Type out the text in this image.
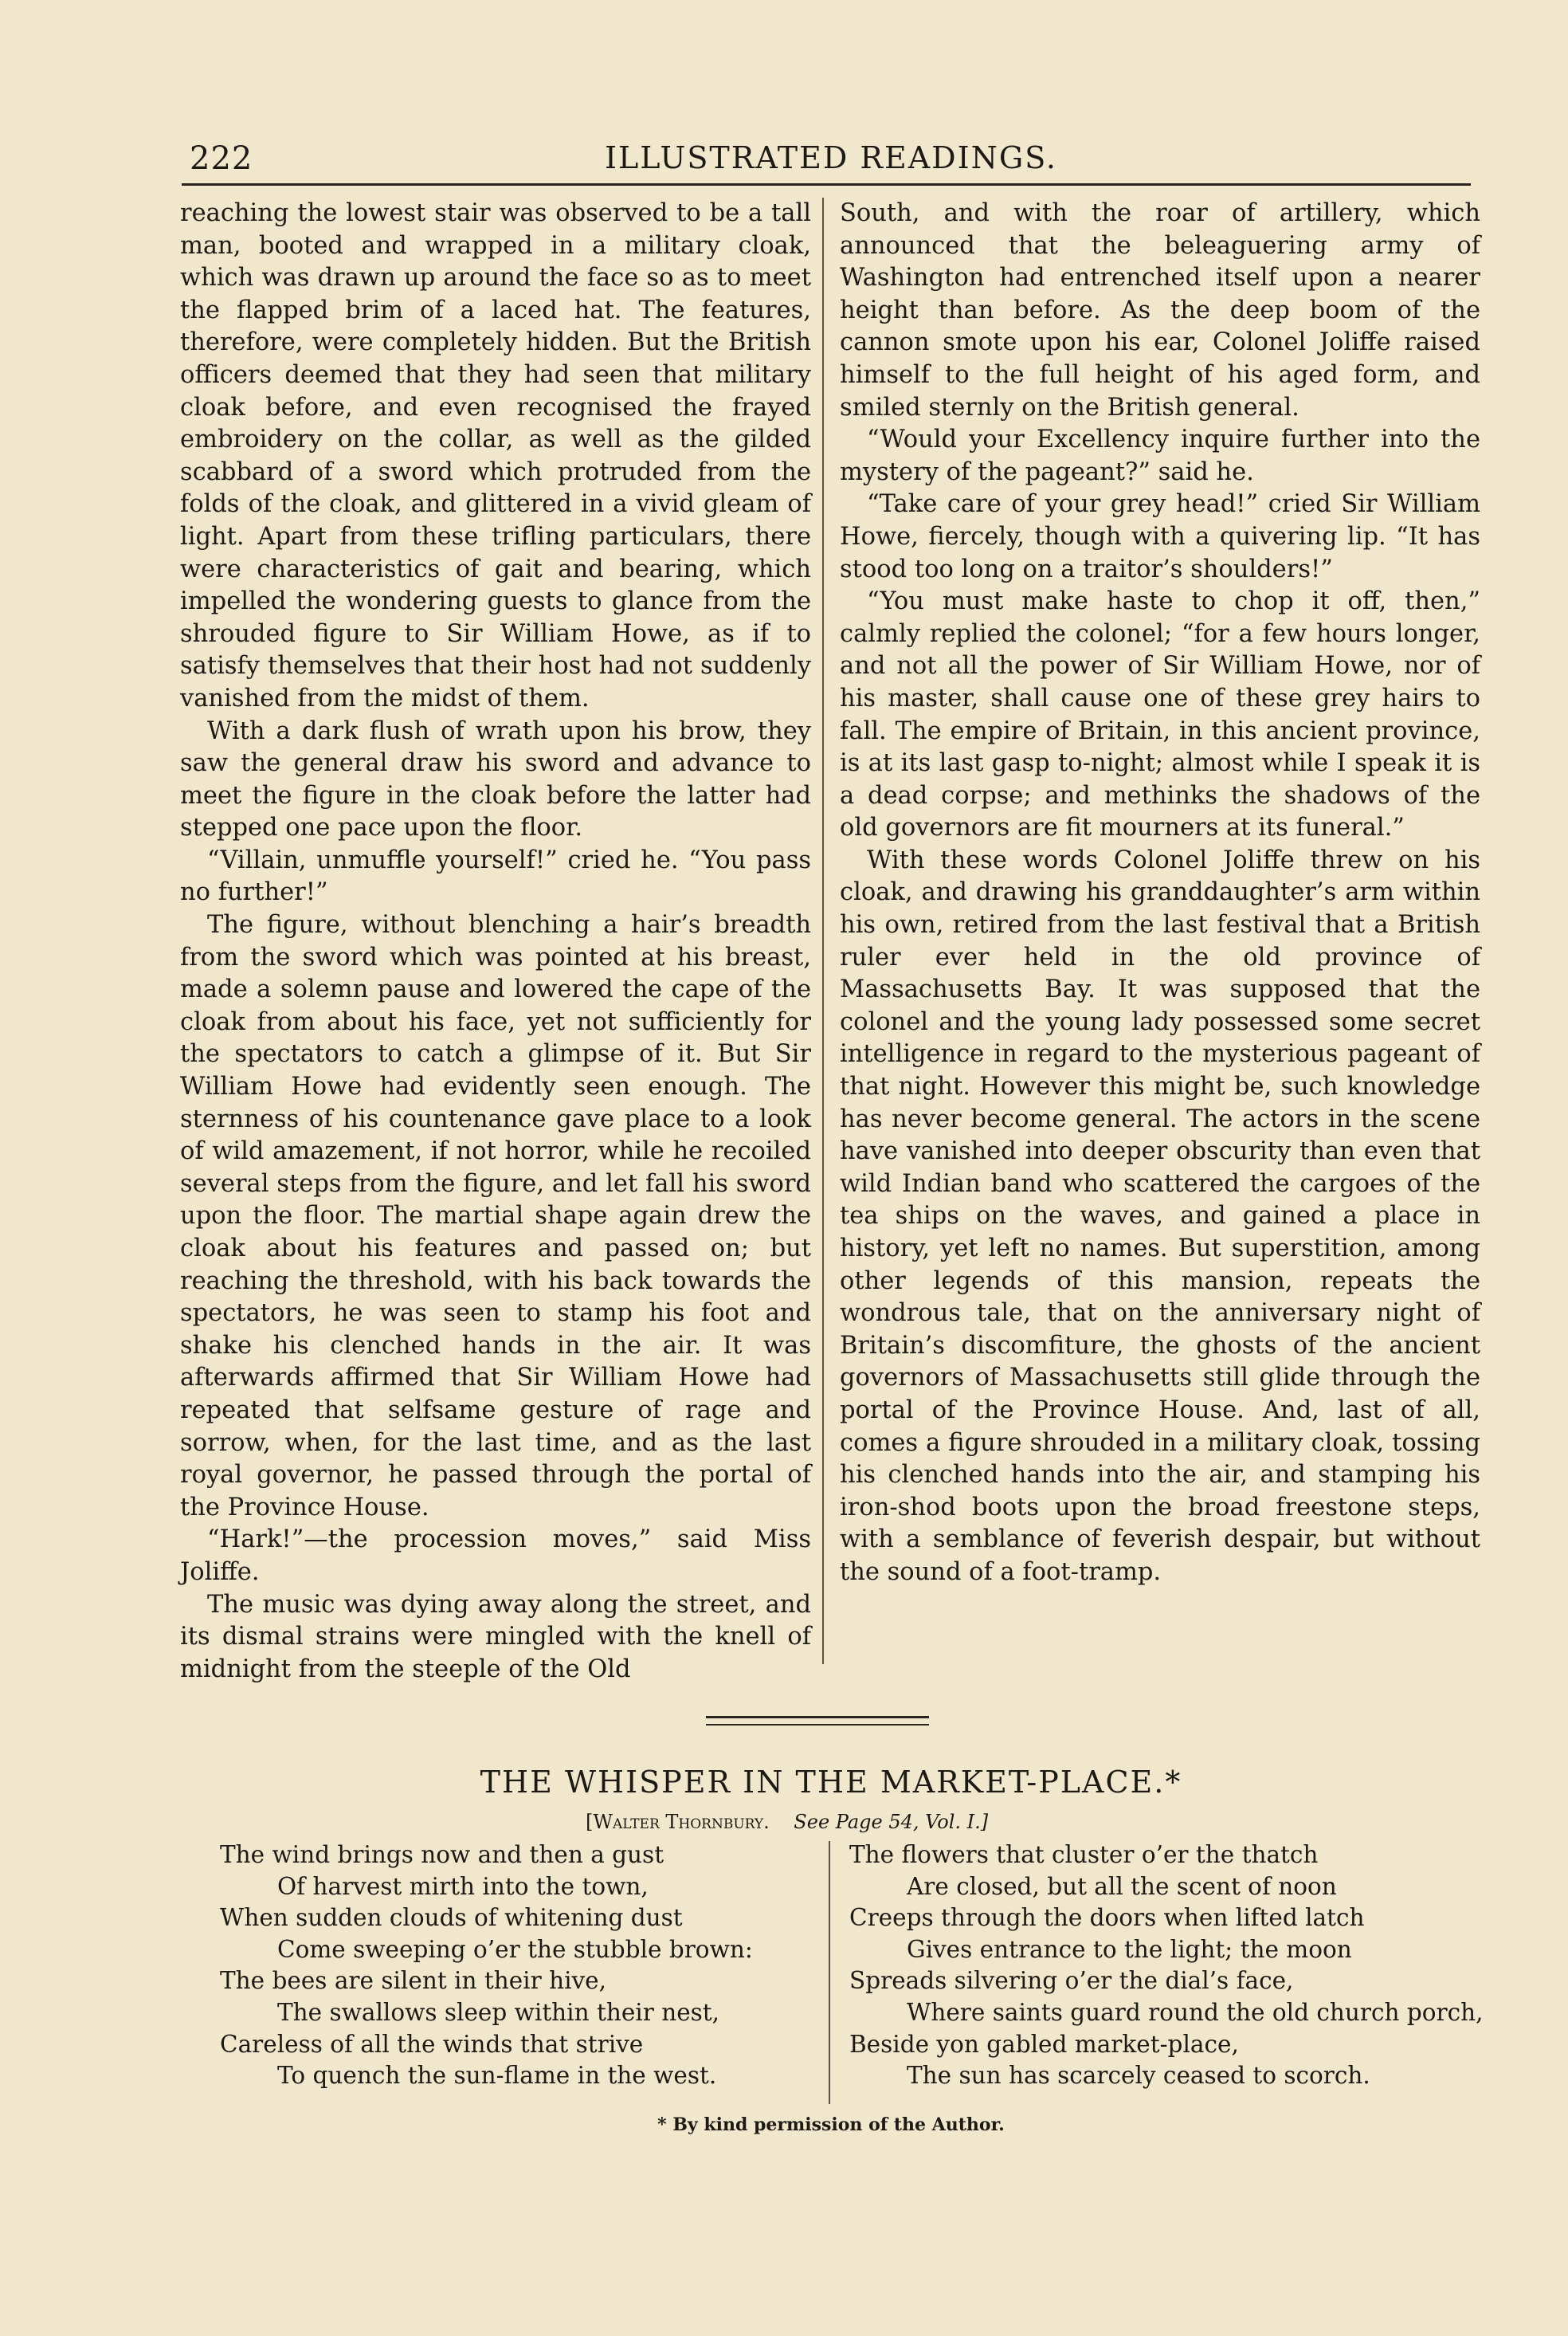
222	ILLUSTRATED READINGS.

reaching the lowest stair was observed to be a tall man, booted and wrapped in a military cloak, which was drawn up around the face so as to meet the flapped brim of a laced hat. The features, therefore, were completely hidden. But the British officers deemed that they had seen that military cloak before, and even recognised the frayed embroidery on the collar, as well as the gilded scabbard of a sword which protruded from the folds of the cloak, and glittered in a vivid gleam of light. Apart from these trifling particulars, there were characteristics of gait and bearing, which impelled the wondering guests to glance from the shrouded figure to Sir William Howe, as if to satisfy themselves that their host had not suddenly vanished from the midst of them.

With a dark flush of wrath upon his brow, they saw the general draw his sword and advance to meet the figure in the cloak before the latter had stepped one pace upon the floor.

“Villain, unmuffle yourself!” cried he. “You pass no further!”

The figure, without blenching a hair’s breadth from the sword which was pointed at his breast, made a solemn pause and lowered the cape of the cloak from about his face, yet not sufficiently for the spectators to catch a glimpse of it. But Sir William Howe had evidently seen enough. The sternness of his countenance gave place to a look of wild amazement, if not horror, while he recoiled several steps from the figure, and let fall his sword upon the floor. The martial shape again drew the cloak about his features and passed on; but reaching the threshold, with his back towards the spectators, he was seen to stamp his foot and shake his clenched hands in the air. It was afterwards affirmed that Sir William Howe had repeated that selfsame gesture of rage and sorrow, when, for the last time, and as the last royal governor, he passed through the portal of the Province House.

“Hark!”—the procession moves,” said Miss Joliffe.

The music was dying away along the street, and its dismal strains were mingled with the knell of midnight from the steeple of the Old

South, and with the roar of artillery, which announced that the beleaguering army of Washington had entrenched itself upon a nearer height than before. As the deep boom of the cannon smote upon his ear, Colonel Joliffe raised himself to the full height of his aged form, and smiled sternly on the British general.

“Would your Excellency inquire further into the mystery of the pageant?” said he.

“Take care of your grey head!” cried Sir William Howe, fiercely, though with a quivering lip. “It has stood too long on a traitor’s shoulders!”

“You must make haste to chop it off, then,” calmly replied the colonel; “for a few hours longer, and not all the power of Sir William Howe, nor of his master, shall cause one of these grey hairs to fall. The empire of Britain, in this ancient province, is at its last gasp to-night; almost while I speak it is a dead corpse; and methinks the shadows of the old governors are fit mourners at its funeral.”

With these words Colonel Joliffe threw on his cloak, and drawing his granddaughter’s arm within his own, retired from the last festival that a British ruler ever held in the old province of Massachusetts Bay. It was supposed that the colonel and the young lady possessed some secret intelligence in regard to the mysterious pageant of that night. However this might be, such knowledge has never become general. The actors in the scene have vanished into deeper obscurity than even that wild Indian band who scattered the cargoes of the tea ships on the waves, and gained a place in history, yet left no names. But superstition, among other legends of this mansion, repeats the wondrous tale, that on the anniversary night of Britain’s discomfiture, the ghosts of the ancient governors of Massachusetts still glide through the portal of the Province House. And, last of all, comes a figure shrouded in a military cloak, tossing his clenched hands into the air, and stamping his iron-shod boots upon the broad freestone steps, with a semblance of feverish despair, but without the sound of a foot-tramp.

THE WHISPER IN THE MARKET-PLACE.*
[Walter Thornbury. See Page 54, Vol. I.]
The wind brings now and then a gust
Of harvest mirth into the town,
When sudden clouds of whitening dust
Come sweeping o’er the stubble brown:
The bees are silent in their hive,
The swallows sleep within their nest,
Careless of all the winds that strive
To quench the sun-flame in the west.
The flowers that cluster o’er the thatch
Are closed, but all the scent of noon
Creeps through the doors when lifted latch
Gives entrance to the light; the moon
Spreads silvering o’er the dial’s face,
Where saints guard round the old church porch,
Beside yon gabled market-place,
The sun has scarcely ceased to scorch.
* By kind permission of the Author.
